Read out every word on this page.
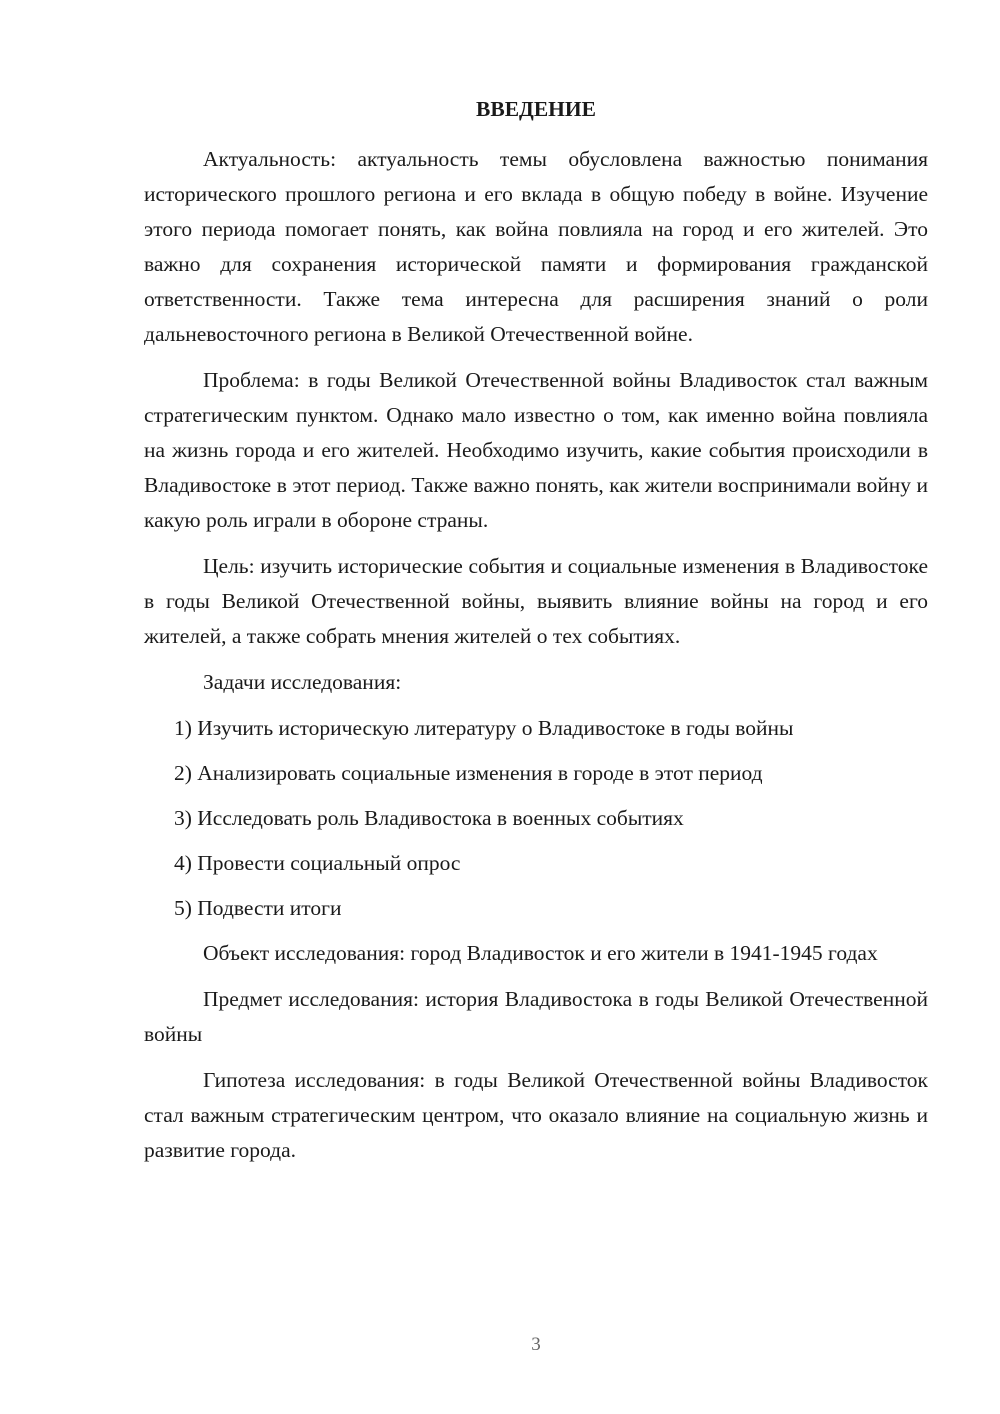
ВВЕДЕНИЕ

Актуальность: актуальность темы обусловлена важностью понимания исторического прошлого региона и его вклада в общую победу в войне. Изучение этого периода помогает понять, как война повлияла на город и его жителей. Это важно для сохранения исторической памяти и формирования гражданской ответственности. Также тема интересна для расширения знаний о роли дальневосточного региона в Великой Отечественной войне.

Проблема: в годы Великой Отечественной войны Владивосток стал важным стратегическим пунктом. Однако мало известно о том, как именно война повлияла на жизнь города и его жителей. Необходимо изучить, какие события происходили в Владивостоке в этот период. Также важно понять, как жители воспринимали войну и какую роль играли в обороне страны.

Цель: изучить исторические события и социальные изменения в Владивостоке в годы Великой Отечественной войны, выявить влияние войны на город и его жителей, а также собрать мнения жителей о тех событиях.

Задачи исследования:

1) Изучить историческую литературу о Владивостоке в годы войны
2) Анализировать социальные изменения в городе в этот период
3) Исследовать роль Владивостока в военных событиях
4) Провести социальный опрос
5) Подвести итоги

Объект исследования: город Владивосток и его жители в 1941-1945 годах

Предмет исследования: история Владивостока в годы Великой Отечественной войны

Гипотеза исследования: в годы Великой Отечественной войны Владивосток стал важным стратегическим центром, что оказало влияние на социальную жизнь и развитие города.

3
